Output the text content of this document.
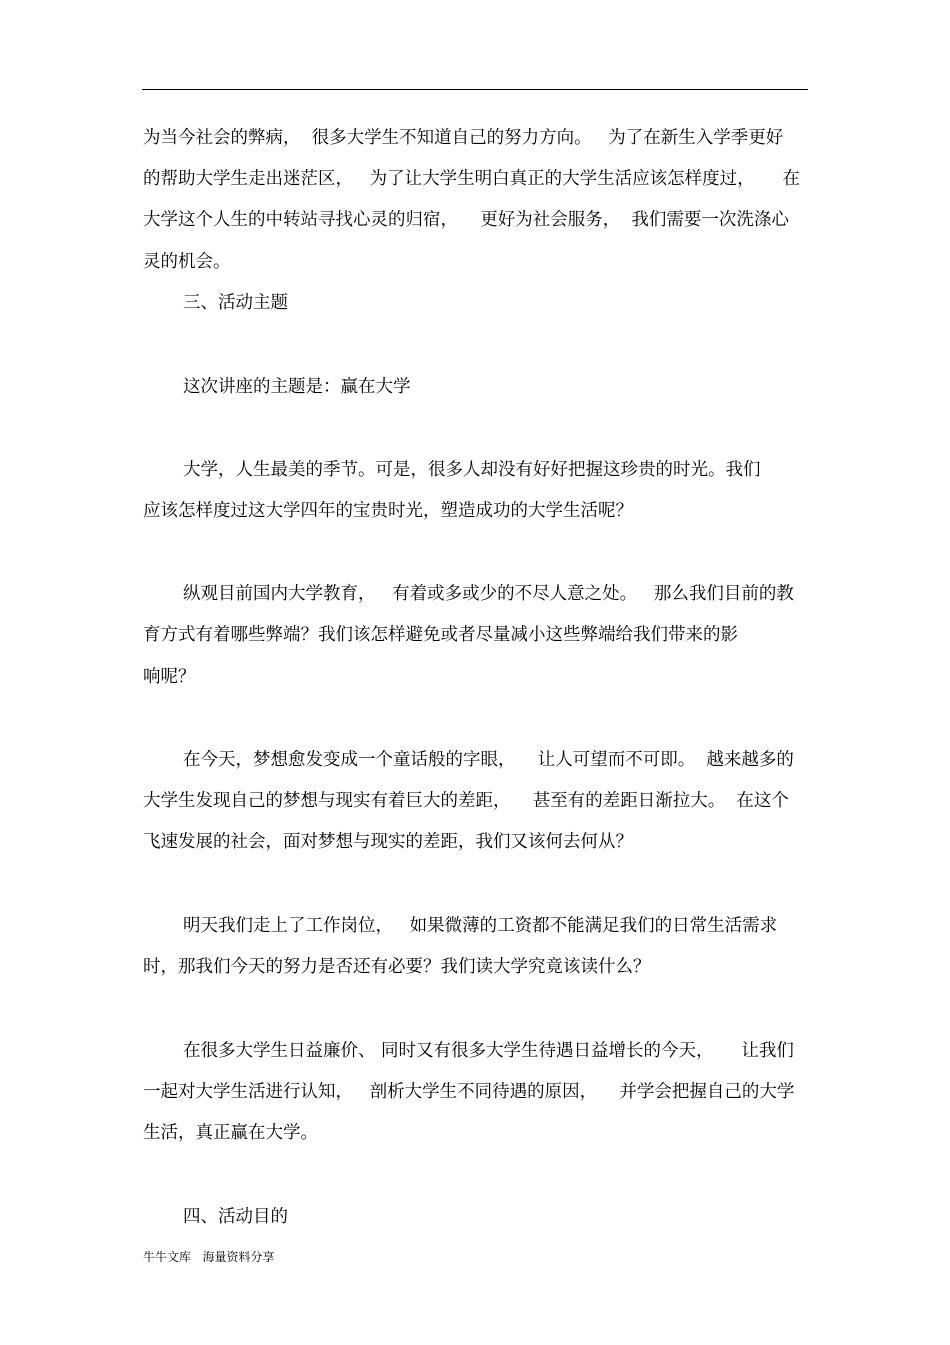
为当今社会的弊病，  很多大学生不知道自己的努力方向。   为了在新生入学季更好
的帮助大学生走出迷茫区，   为了让大学生明白真正的大学生活应该怎样度过，     在
大学这个人生的中转站寻找心灵的归宿，    更好为社会服务，  我们需要一次洗涤心
灵的机会。
三、活动主题
这次讲座的主题是：赢在大学
大学，人生最美的季节。可是，很多人却没有好好把握这珍贵的时光。我们
应该怎样度过这大学四年的宝贵时光，塑造成功的大学生活呢？
纵观目前国内大学教育，   有着或多或少的不尽人意之处。   那么我们目前的教
育方式有着哪些弊端？我们该怎样避免或者尽量减小这些弊端给我们带来的影
响呢？
在今天，梦想愈发变成一个童话般的字眼，    让人可望而不可即。  越来越多的
大学生发现自己的梦想与现实有着巨大的差距，    甚至有的差距日渐拉大。  在这个
飞速发展的社会，面对梦想与现实的差距，我们又该何去何从？
明天我们走上了工作岗位，   如果微薄的工资都不能满足我们的日常生活需求
时，那我们今天的努力是否还有必要？我们读大学究竟该读什么？
在很多大学生日益廉价、 同时又有很多大学生待遇日益增长的今天，     让我们
一起对大学生活进行认知，   剖析大学生不同待遇的原因，    并学会把握自己的大学
生活，真正赢在大学。
四、活动目的
牛牛文库   海量资料分享
